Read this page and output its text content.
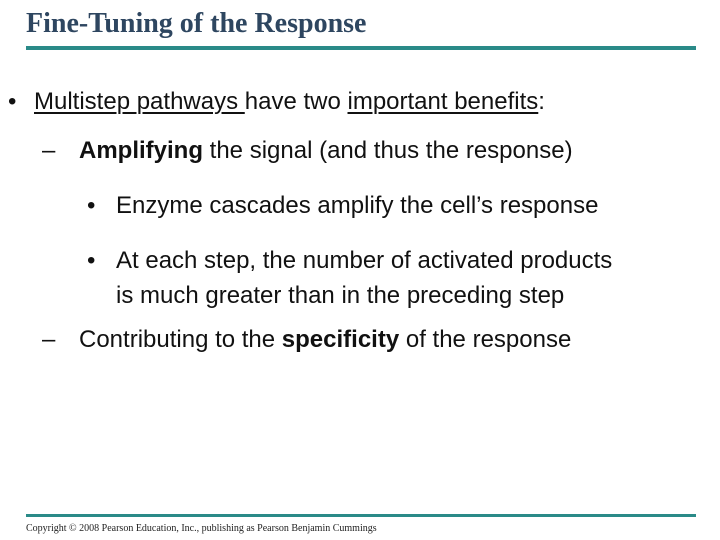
Fine-Tuning of the Response
• Multistep pathways have two important benefits:
– Amplifying the signal (and thus the response)
• Enzyme cascades amplify the cell’s response
• At each step, the number of activated products
is much greater than in the preceding step
– Contributing to the specificity of the response
Copyright © 2008 Pearson Education, Inc., publishing as Pearson Benjamin Cummings
